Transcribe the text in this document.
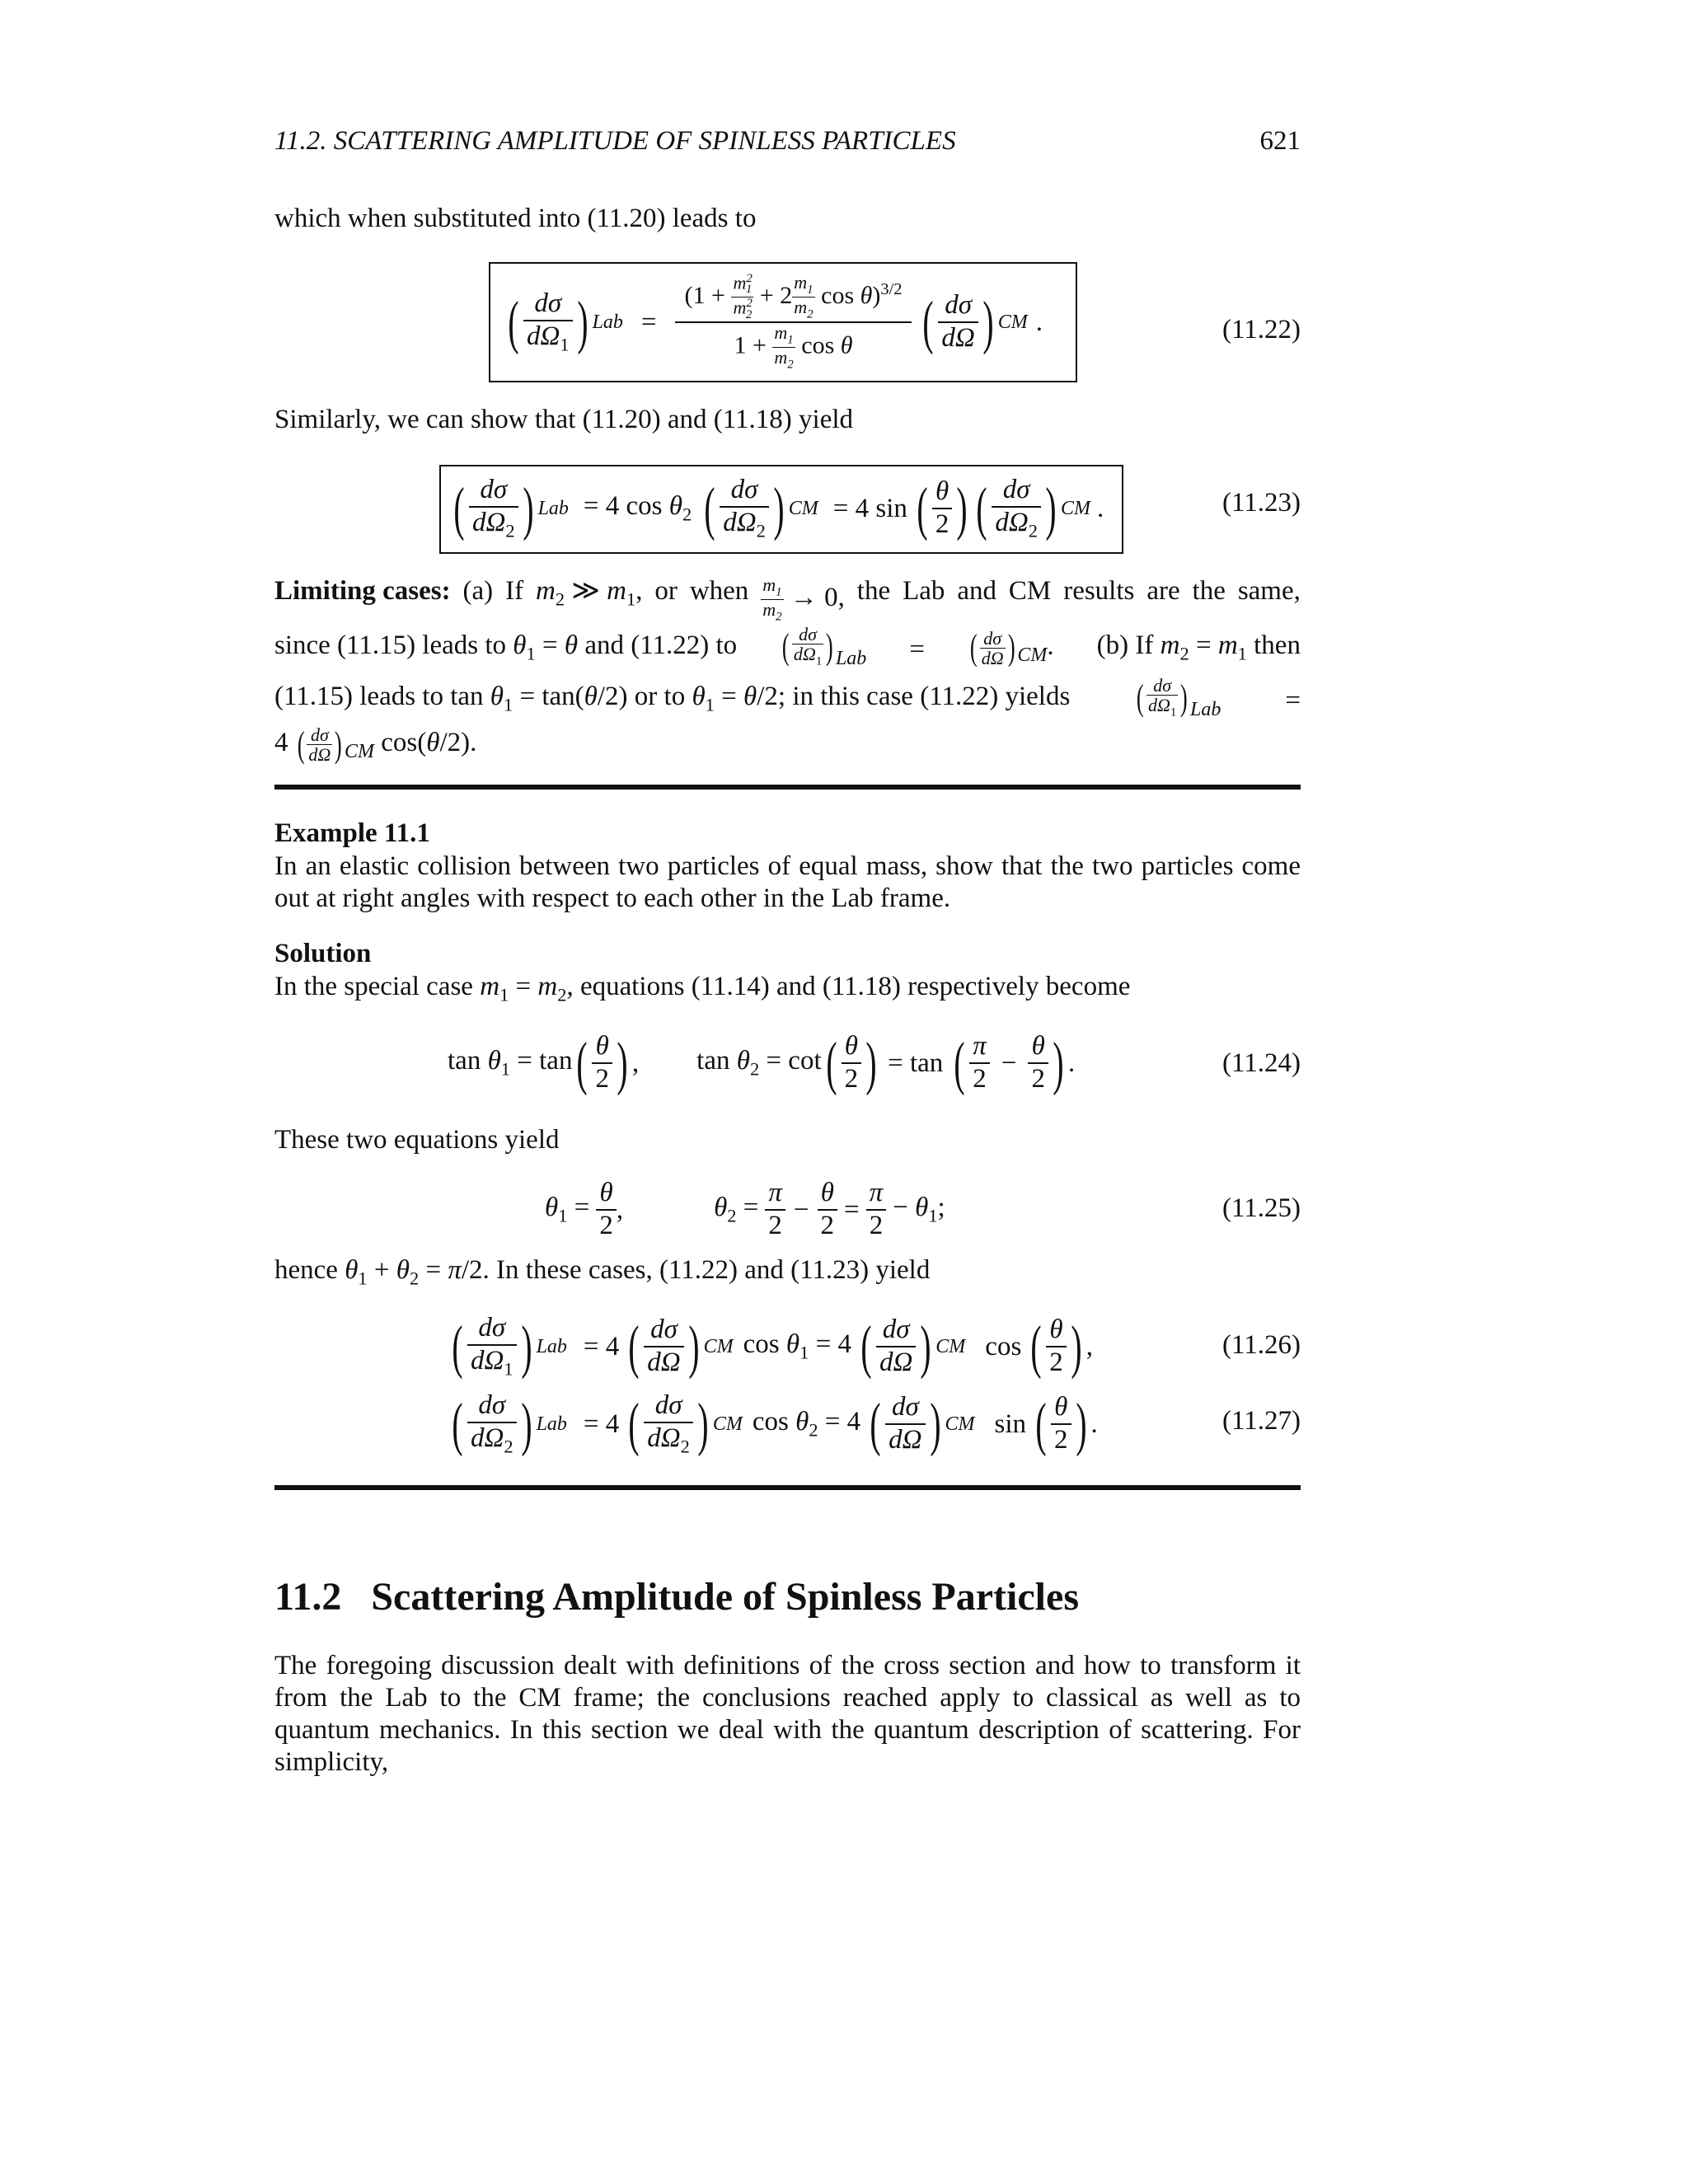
11.2. SCATTERING AMPLITUDE OF SPINLESS PARTICLES	621
which when substituted into (11.20) leads to
( $\frac{d\sigma}{d\Omega_1}$ ) Lab = $\frac{(1 + \frac{m^2_1}{m^2_2} + 2 \frac{m_1}{m_2} \cos \theta)^{3/2}}{1 + \frac{m_1}{m_2} \cos \theta}$ ( $\frac{d\sigma}{d\Omega}$ ) CM .	(11.22)
Similarly, we can show that (11.20) and (11.18) yield
( $\frac{d\sigma}{d\Omega_2}$ ) Lab = 4 $\cos \theta_2$ ( $\frac{d\sigma}{d\Omega_2}$ ) CM = 4 sin ( $\frac{\theta}{2}$ ) ( $\frac{d\sigma}{d\Omega_2}$ ) CM .	(11.23)
Limiting cases: (a) If $m_2$ ≫ $m_1$, or when $\frac{m_1}{m_2} \to 0$, the Lab and CM results are the same,
since (11.15) leads to $\theta_1 = \theta$ and (11.22) to ( $\frac{d\sigma}{d\Omega_1}$ ) $_{Lab}$ = ( $\frac{d\sigma}{d\Omega}$ ) $_{CM}$. (b) If $m_2 = m_1$ then
(11.15) leads to $\tan \theta_1 = \tan(\theta/2)$ or to $\theta_1 = \theta/2$; in this case (11.22) yields ( $\frac{d\sigma}{d\Omega_1}$ ) $_{Lab}$ =
4 ( $\frac{d\sigma}{d\Omega}$ ) $_{CM}$ cos(θ/2).
Example 11.1
In an elastic collision between two particles of equal mass, show that the two particles come out at right angles with respect to each other in the Lab frame.
Solution
In the special case $m_1 = m_2$, equations (11.14) and (11.18) respectively become
$\tan \theta_1 = \tan$ ( $\frac{\theta}{2}$ ) , $\tan \theta_2 = \cot$ ( $\frac{\theta}{2}$ ) = tan ( $\frac{\pi}{2} - \frac{\theta}{2}$ ) .	(11.24)
These two equations yield
$\theta_1 = \frac{\theta}{2}$ ,	$\theta_2 = \frac{\pi}{2} - \frac{\theta}{2} = \frac{\pi}{2} - \theta_1$;	(11.25)
hence $\theta_1 + \theta_2 = \pi/2$. In these cases, (11.22) and (11.23) yield
( $\frac{d\sigma}{d\Omega_1}$ ) Lab = 4 ( $\frac{d\sigma}{d\Omega}$ ) CM $\cos \theta_1 = 4$ ( $\frac{d\sigma}{d\Omega}$ ) CM cos ( $\frac{\theta}{2}$ ) ,	(11.26)
( $\frac{d\sigma}{d\Omega_2}$ ) Lab = 4 ( $\frac{d\sigma}{d\Omega_2}$ ) CM $\cos \theta_2 = 4$ ( $\frac{d\sigma}{d\Omega}$ ) CM sin ( $\frac{\theta}{2}$ ) .	(11.27)
11.2 Scattering Amplitude of Spinless Particles
The foregoing discussion dealt with definitions of the cross section and how to transform it from the Lab to the CM frame; the conclusions reached apply to classical as well as to quantum mechanics. In this section we deal with the quantum description of scattering. For simplicity,
